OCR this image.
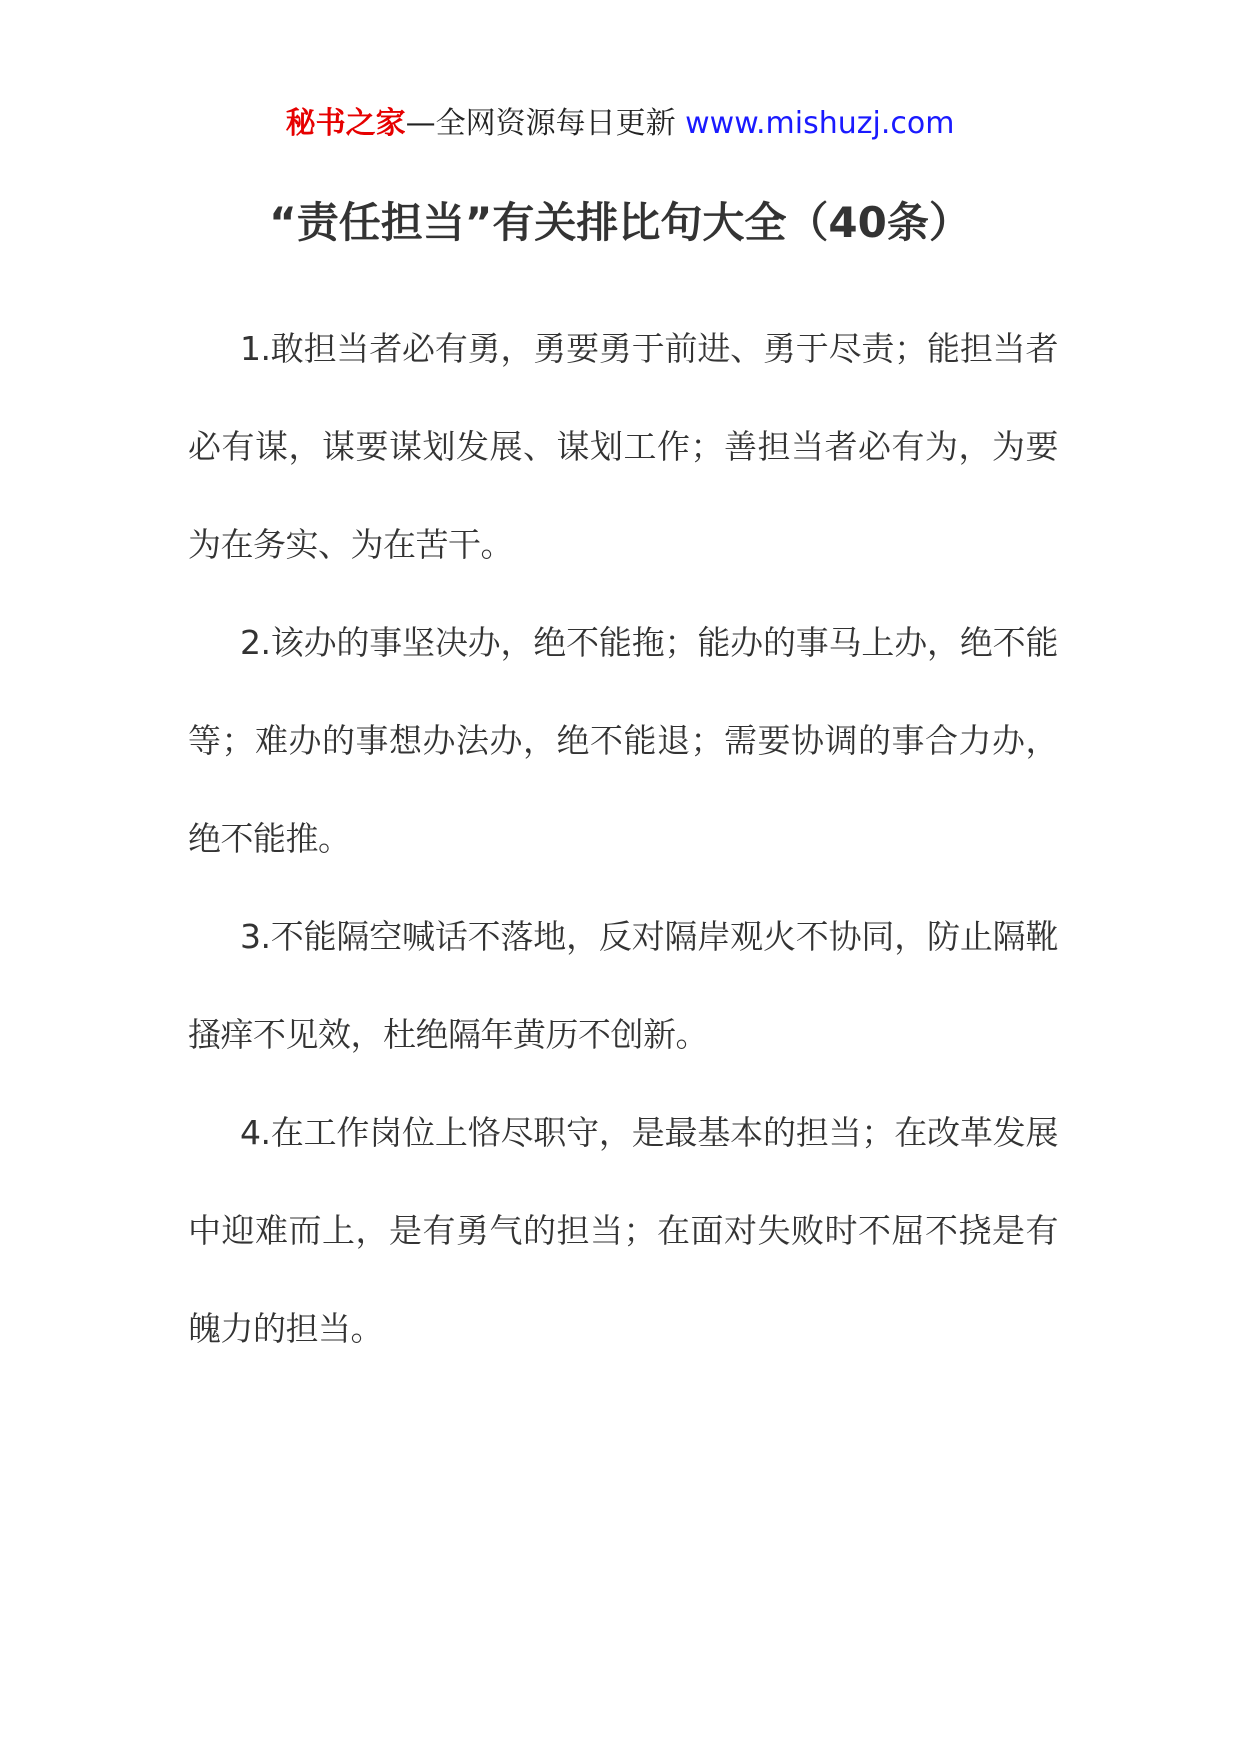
秘书之家—全网资源每日更新 www.mishuzj.com
“责任担当”有关排比句大全（40条）

1.敢担当者必有勇，勇要勇于前进、勇于尽责；能担当者必有谋，谋要谋划发展、谋划工作；善担当者必有为，为要为在务实、为在苦干。

2.该办的事坚决办，绝不能拖；能办的事马上办，绝不能等；难办的事想办法办，绝不能退；需要协调的事合力办，绝不能推。

3.不能隔空喊话不落地，反对隔岸观火不协同，防止隔靴搔痒不见效，杜绝隔年黄历不创新。

4.在工作岗位上恪尽职守，是最基本的担当；在改革发展中迎难而上，是有勇气的担当；在面对失败时不屈不挠是有魄力的担当。
